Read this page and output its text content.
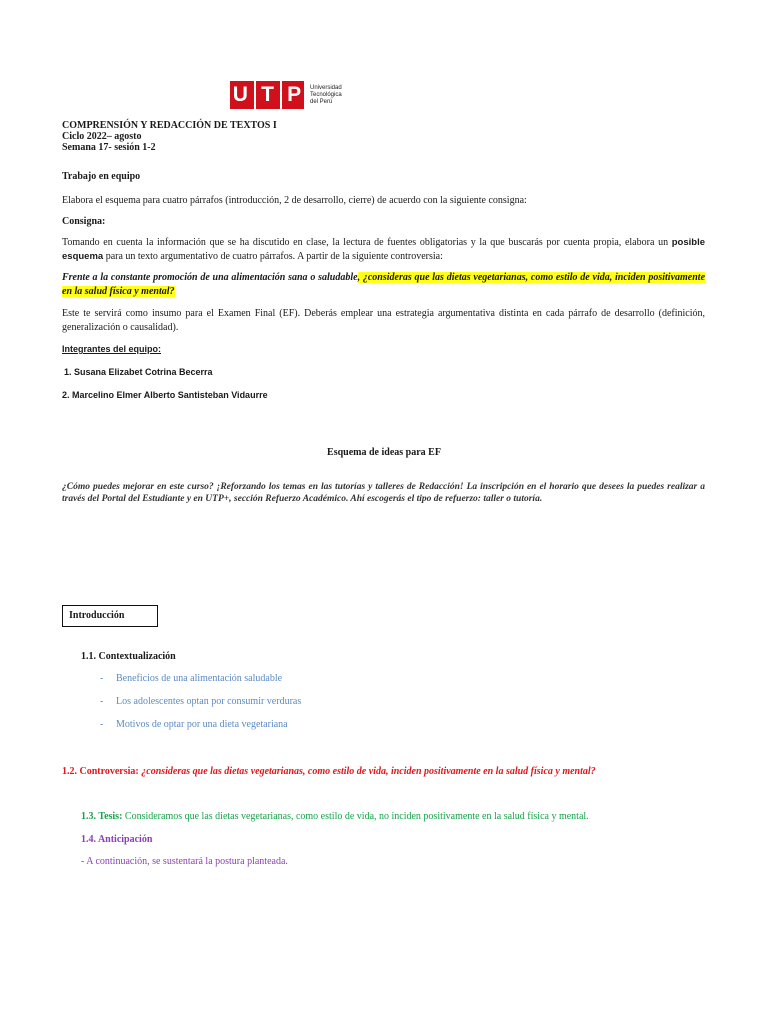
U T P Universidad
Tecnológica
del Perú
COMPRENSIÓN Y REDACCIÓN DE TEXTOS I
Ciclo 2022– agosto
Semana 17- sesión 1-2

Trabajo en equipo

Elabora el esquema para cuatro párrafos (introducción, 2 de desarrollo, cierre) de acuerdo con la siguiente consigna:

Consigna:

Tomando en cuenta la información que se ha discutido en clase, la lectura de fuentes obligatorias y la que buscarás por cuenta propia, elabora un posible esquema para un texto argumentativo de cuatro párrafos. A partir de la siguiente controversia:

Frente a la constante promoción de una alimentación sana o saludable, ¿consideras que las dietas vegetarianas, como estilo de vida, inciden positivamente en la salud física y mental?

Este te servirá como insumo para el Examen Final (EF). Deberás emplear una estrategia argumentativa distinta en cada párrafo de desarrollo (definición, generalización o causalidad).

Integrantes del equipo:

1. Susana Elizabet Cotrina Becerra

2. Marcelino Elmer Alberto Santisteban Vidaurre

Esquema de ideas para EF

¿Cómo puedes mejorar en este curso? ¡Reforzando los temas en las tutorías y talleres de Redacción! La inscripción en el horario que desees la puedes realizar a través del Portal del Estudiante y en UTP+, sección Refuerzo Académico. Ahí escogerás el tipo de refuerzo: taller o tutoría.

Introducción

1.1. Contextualización

- Beneficios de una alimentación saludable

- Los adolescentes optan por consumir verduras

- Motivos de optar por una dieta vegetariana

1.2. Controversia: ¿consideras que las dietas vegetarianas, como estilo de vida, inciden positivamente en la salud física y mental?

1.3. Tesis: Consideramos que las dietas vegetarianas, como estilo de vida, no inciden positivamente en la salud física y mental.

1.4. Anticipación

- A continuación, se sustentará la postura planteada.
